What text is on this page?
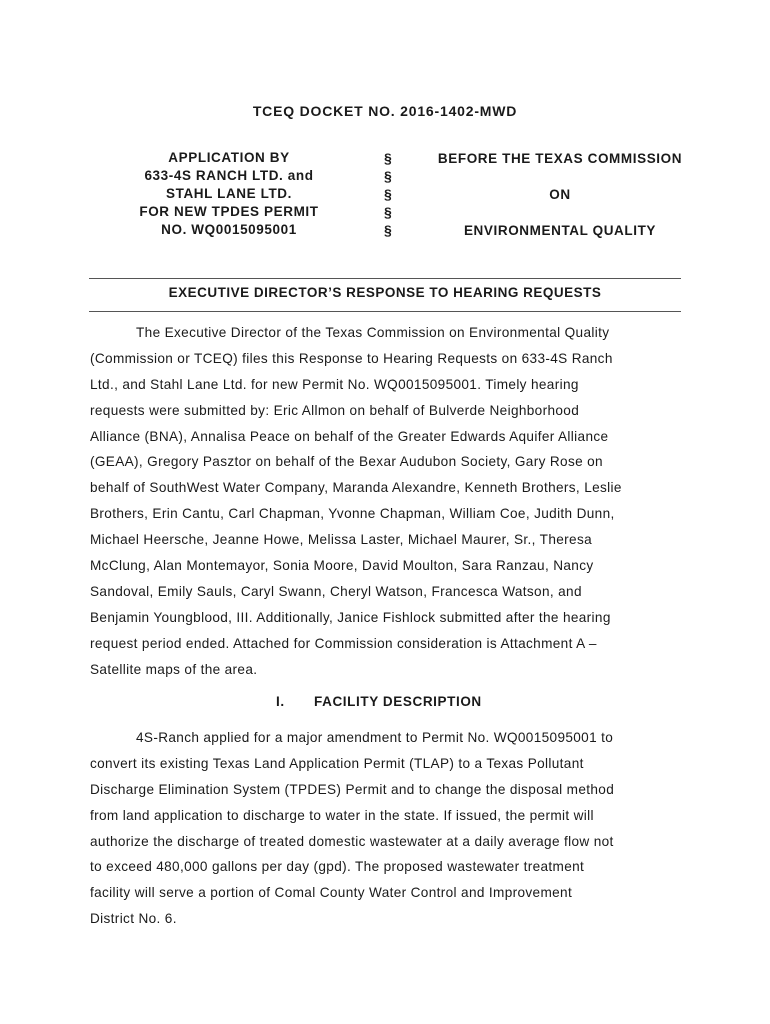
TCEQ DOCKET NO. 2016-1402-MWD
APPLICATION BY
633-4S RANCH LTD. and
STAHL LANE LTD.
FOR NEW TPDES PERMIT
NO. WQ0015095001
§
§
§
§
§
BEFORE THE TEXAS COMMISSION
ON
ENVIRONMENTAL QUALITY
EXECUTIVE DIRECTOR’S RESPONSE TO HEARING REQUESTS
The Executive Director of the Texas Commission on Environmental Quality
(Commission or TCEQ) files this Response to Hearing Requests on 633-4S Ranch
Ltd., and Stahl Lane Ltd. for new Permit No. WQ0015095001. Timely hearing
requests were submitted by: Eric Allmon on behalf of Bulverde Neighborhood
Alliance (BNA), Annalisa Peace on behalf of the Greater Edwards Aquifer Alliance
(GEAA), Gregory Pasztor on behalf of the Bexar Audubon Society, Gary Rose on
behalf of SouthWest Water Company, Maranda Alexandre, Kenneth Brothers, Leslie
Brothers, Erin Cantu, Carl Chapman, Yvonne Chapman, William Coe, Judith Dunn,
Michael Heersche, Jeanne Howe, Melissa Laster, Michael Maurer, Sr., Theresa
McClung, Alan Montemayor, Sonia Moore, David Moulton, Sara Ranzau, Nancy
Sandoval, Emily Sauls, Caryl Swann, Cheryl Watson, Francesca Watson, and
Benjamin Youngblood, III. Additionally, Janice Fishlock submitted after the hearing
request period ended. Attached for Commission consideration is Attachment A –
Satellite maps of the area.
I. FACILITY DESCRIPTION
4S-Ranch applied for a major amendment to Permit No. WQ0015095001 to
convert its existing Texas Land Application Permit (TLAP) to a Texas Pollutant
Discharge Elimination System (TPDES) Permit and to change the disposal method
from land application to discharge to water in the state. If issued, the permit will
authorize the discharge of treated domestic wastewater at a daily average flow not
to exceed 480,000 gallons per day (gpd). The proposed wastewater treatment
facility will serve a portion of Comal County Water Control and Improvement
District No. 6.
